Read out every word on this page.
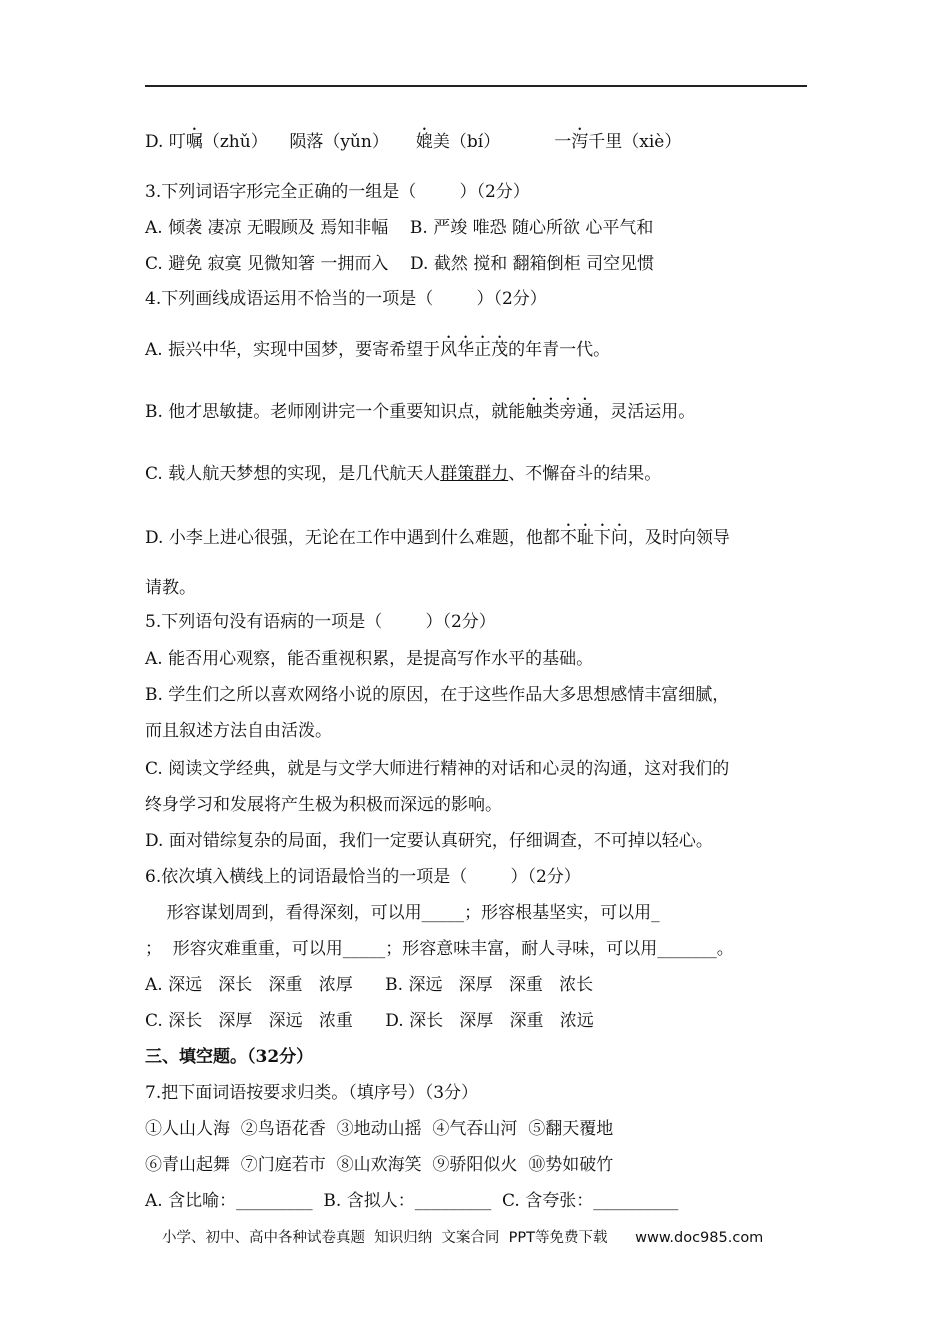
D. 叮嘱（zhǔ） 陨落（yǔn） 媲美（bí）	一泻千里（xiè）
3.下列词语字形完全正确的一组是（        ）（2分）
A. 倾袭 凄凉 无暇顾及 焉知非幅    B. 严竣 唯恐 随心所欲 心平气和
C. 避免 寂寞 见微知箸 一拥而入    D. 截然 搅和 翻箱倒柜 司空见惯
4.下列画线成语运用不恰当的一项是（        ）（2分）
A. 振兴中华，实现中国梦，要寄希望于风华正茂的年青一代。
B. 他才思敏捷。老师刚讲完一个重要知识点，就能触类旁通，灵活运用。
C. 载人航天梦想的实现，是几代航天人群策群力、不懈奋斗的结果。
D. 小李上进心很强，无论在工作中遇到什么难题，他都不耻下问，及时向领导
请教。
5.下列语句没有语病的一项是（        ）（2分）
A. 能否用心观察，能否重视积累，是提高写作水平的基础。
B. 学生们之所以喜欢网络小说的原因，在于这些作品大多思想感情丰富细腻，
而且叙述方法自由活泼。
C. 阅读文学经典，就是与文学大师进行精神的对话和心灵的沟通，这对我们的
终身学习和发展将产生极为积极而深远的影响。
D. 面对错综复杂的局面，我们一定要认真研究，仔细调查，不可掉以轻心。
6.依次填入横线上的词语最恰当的一项是（        ）（2分）
形容谋划周到，看得深刻，可以用_____；形容根基坚实，可以用_
；  形容灾难重重，可以用_____；形容意味丰富，耐人寻味，可以用_______。
A. 深远   深长   深重   浓厚      B. 深远   深厚   深重   浓长
C. 深长   深厚   深远   浓重      D. 深长   深厚   深重   浓远
三、填空题。（32分）
7.把下面词语按要求归类。（填序号）（3分）
①人山人海  ②鸟语花香  ③地动山摇  ④气吞山河  ⑤翻天覆地
⑥青山起舞  ⑦门庭若市  ⑧山欢海笑  ⑨骄阳似火  ⑩势如破竹
A. 含比喻：_________  B. 含拟人：_________  C. 含夸张：__________
小学、初中、高中各种试卷真题  知识归纳  文案合同  PPT等免费下载      www.doc985.com
